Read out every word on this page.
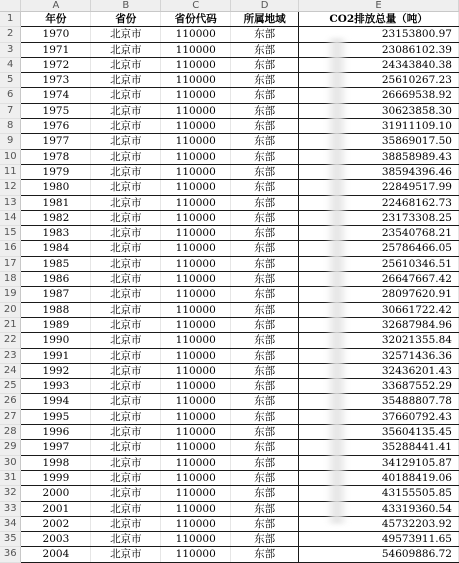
	A	B	C	D	E
1	年份	省份	省份代码	所属地域	CO2排放总量（吨）
2	1970	北京市	110000	东部	23153800.97
3	1971	北京市	110000	东部	23086102.39
4	1972	北京市	110000	东部	24343840.38
5	1973	北京市	110000	东部	25610267.23
6	1974	北京市	110000	东部	26669538.92
7	1975	北京市	110000	东部	30623858.30
8	1976	北京市	110000	东部	31911109.10
9	1977	北京市	110000	东部	35869017.50
10	1978	北京市	110000	东部	38858989.43
11	1979	北京市	110000	东部	38594396.46
12	1980	北京市	110000	东部	22849517.99
13	1981	北京市	110000	东部	22468162.73
14	1982	北京市	110000	东部	23173308.25
15	1983	北京市	110000	东部	23540768.21
16	1984	北京市	110000	东部	25786466.05
17	1985	北京市	110000	东部	25610346.51
18	1986	北京市	110000	东部	26647667.42
19	1987	北京市	110000	东部	28097620.91
20	1988	北京市	110000	东部	30661722.42
21	1989	北京市	110000	东部	32687984.96
22	1990	北京市	110000	东部	32021355.84
23	1991	北京市	110000	东部	32571436.36
24	1992	北京市	110000	东部	32436201.43
25	1993	北京市	110000	东部	33687552.29
26	1994	北京市	110000	东部	35488807.78
27	1995	北京市	110000	东部	37660792.43
28	1996	北京市	110000	东部	35604135.45
29	1997	北京市	110000	东部	35288441.41
30	1998	北京市	110000	东部	34129105.87
31	1999	北京市	110000	东部	40188419.06
32	2000	北京市	110000	东部	43155505.85
33	2001	北京市	110000	东部	43319360.54
34	2002	北京市	110000	东部	45732203.92
35	2003	北京市	110000	东部	49573911.65
36	2004	北京市	110000	东部	54609886.72
